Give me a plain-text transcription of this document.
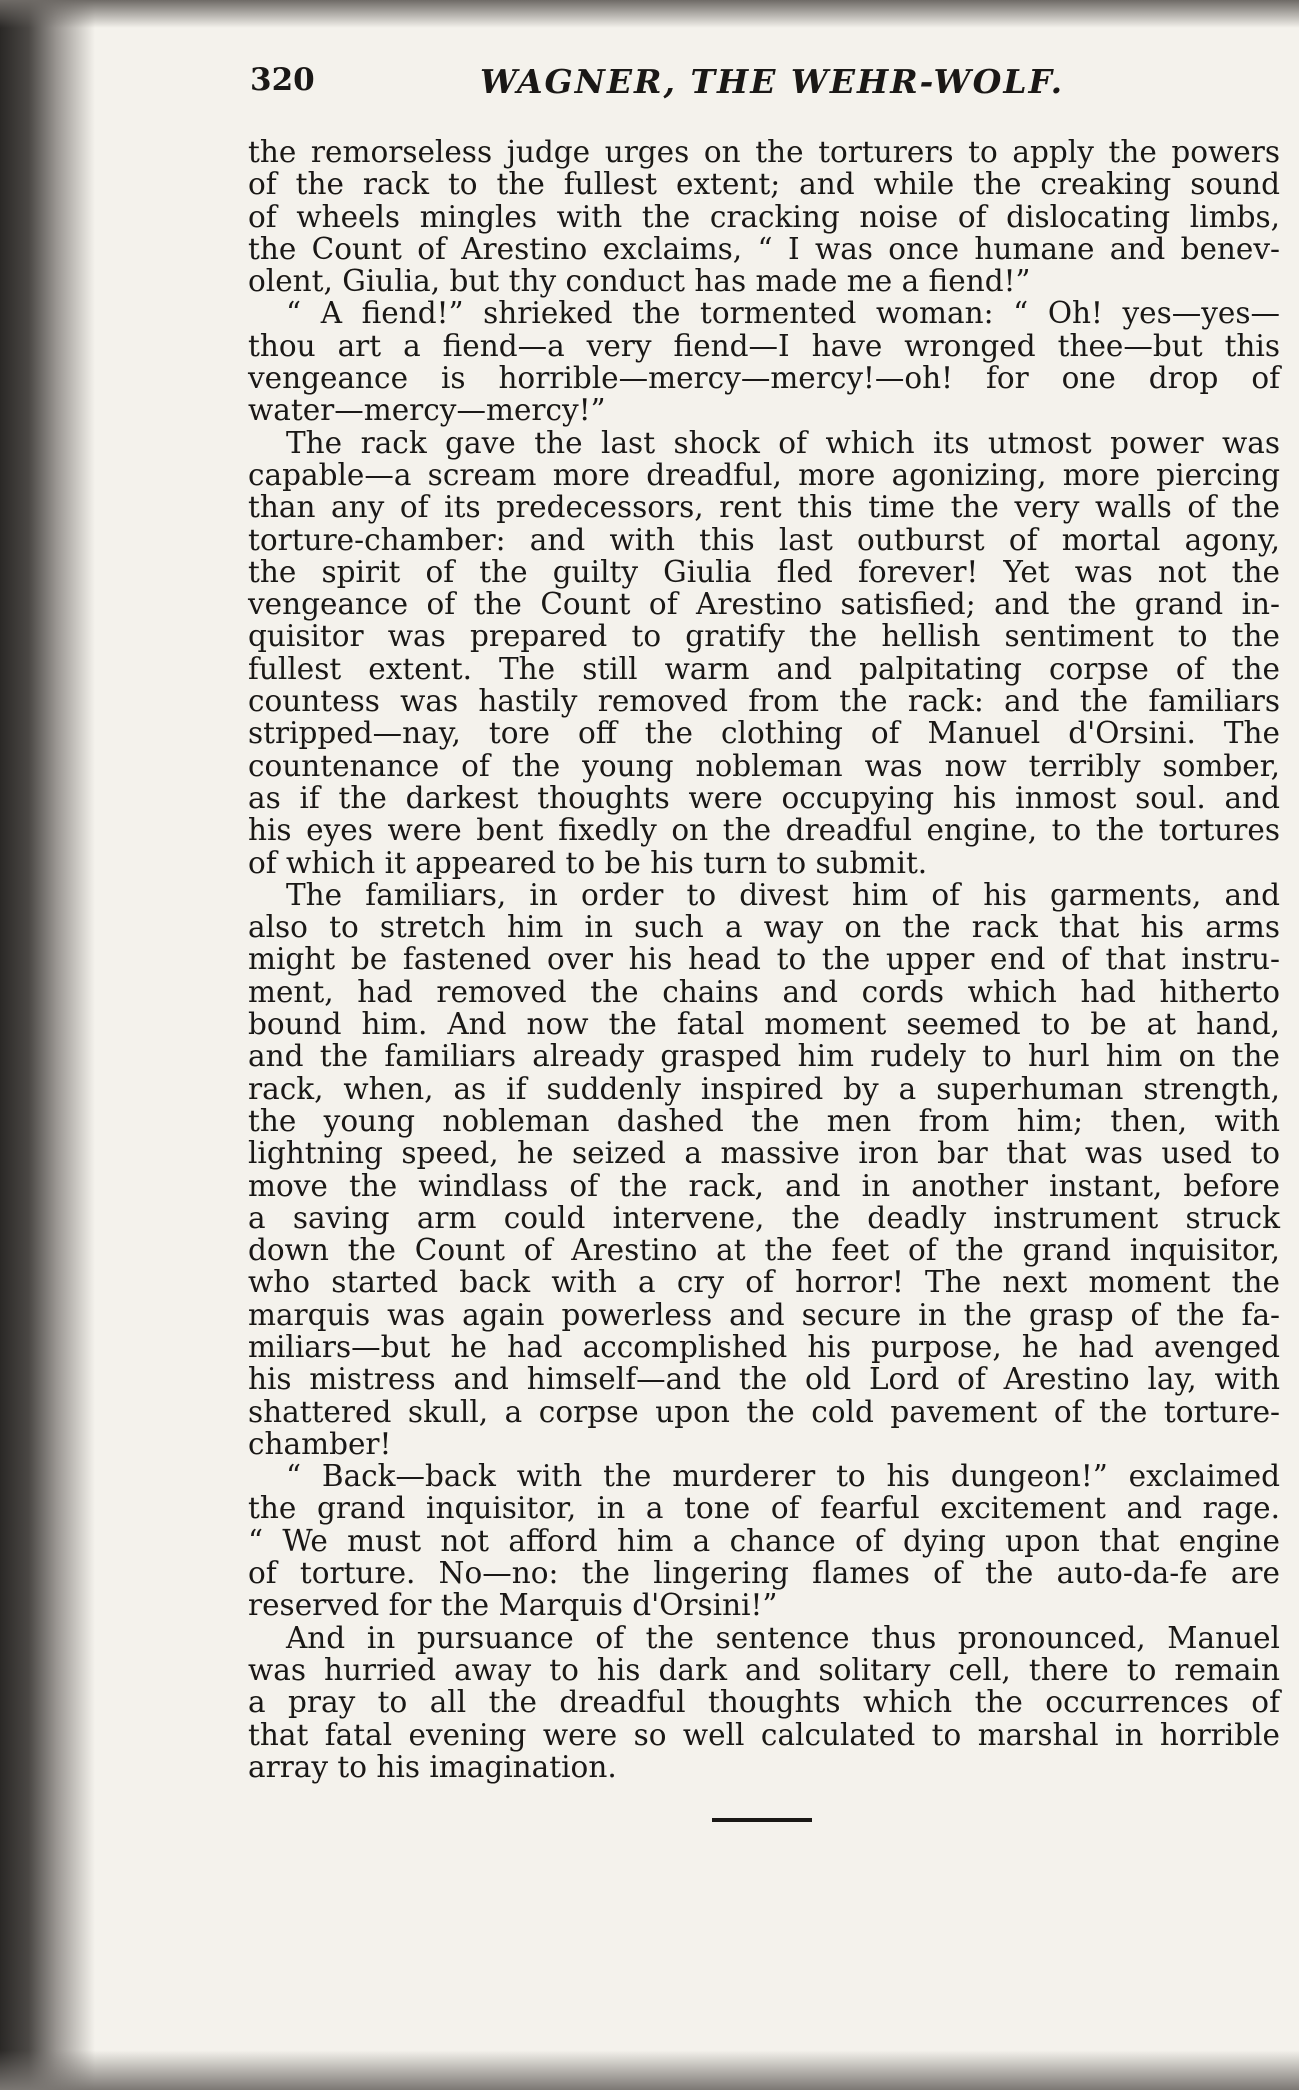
320	WAGNER, THE WEHR-WOLF.
the remorseless judge urges on the torturers to apply the powers
of the rack to the fullest extent; and while the creaking sound
of wheels mingles with the cracking noise of dislocating limbs,
the Count of Arestino exclaims, “ I was once humane and benev-
olent, Giulia, but thy conduct has made me a fiend!”
“ A fiend!” shrieked the tormented woman: “ Oh! yes—yes—
thou art a fiend—a very fiend—I have wronged thee—but this
vengeance is horrible—mercy—mercy!—oh! for one drop of
water—mercy—mercy!”
The rack gave the last shock of which its utmost power was
capable—a scream more dreadful, more agonizing, more piercing
than any of its predecessors, rent this time the very walls of the
torture-chamber: and with this last outburst of mortal agony,
the spirit of the guilty Giulia fled forever! Yet was not the
vengeance of the Count of Arestino satisfied; and the grand in-
quisitor was prepared to gratify the hellish sentiment to the
fullest extent. The still warm and palpitating corpse of the
countess was hastily removed from the rack: and the familiars
stripped—nay, tore off the clothing of Manuel d'Orsini. The
countenance of the young nobleman was now terribly somber,
as if the darkest thoughts were occupying his inmost soul. and
his eyes were bent fixedly on the dreadful engine, to the tortures
of which it appeared to be his turn to submit.
The familiars, in order to divest him of his garments, and
also to stretch him in such a way on the rack that his arms
might be fastened over his head to the upper end of that instru-
ment, had removed the chains and cords which had hitherto
bound him. And now the fatal moment seemed to be at hand,
and the familiars already grasped him rudely to hurl him on the
rack, when, as if suddenly inspired by a superhuman strength,
the young nobleman dashed the men from him; then, with
lightning speed, he seized a massive iron bar that was used to
move the windlass of the rack, and in another instant, before
a saving arm could intervene, the deadly instrument struck
down the Count of Arestino at the feet of the grand inquisitor,
who started back with a cry of horror! The next moment the
marquis was again powerless and secure in the grasp of the fa-
miliars—but he had accomplished his purpose, he had avenged
his mistress and himself—and the old Lord of Arestino lay, with
shattered skull, a corpse upon the cold pavement of the torture-
chamber!
“ Back—back with the murderer to his dungeon!” exclaimed
the grand inquisitor, in a tone of fearful excitement and rage.
“ We must not afford him a chance of dying upon that engine
of torture. No—no: the lingering flames of the auto-da-fe are
reserved for the Marquis d'Orsini!”
And in pursuance of the sentence thus pronounced, Manuel
was hurried away to his dark and solitary cell, there to remain
a pray to all the dreadful thoughts which the occurrences of
that fatal evening were so well calculated to marshal in horrible
array to his imagination.
